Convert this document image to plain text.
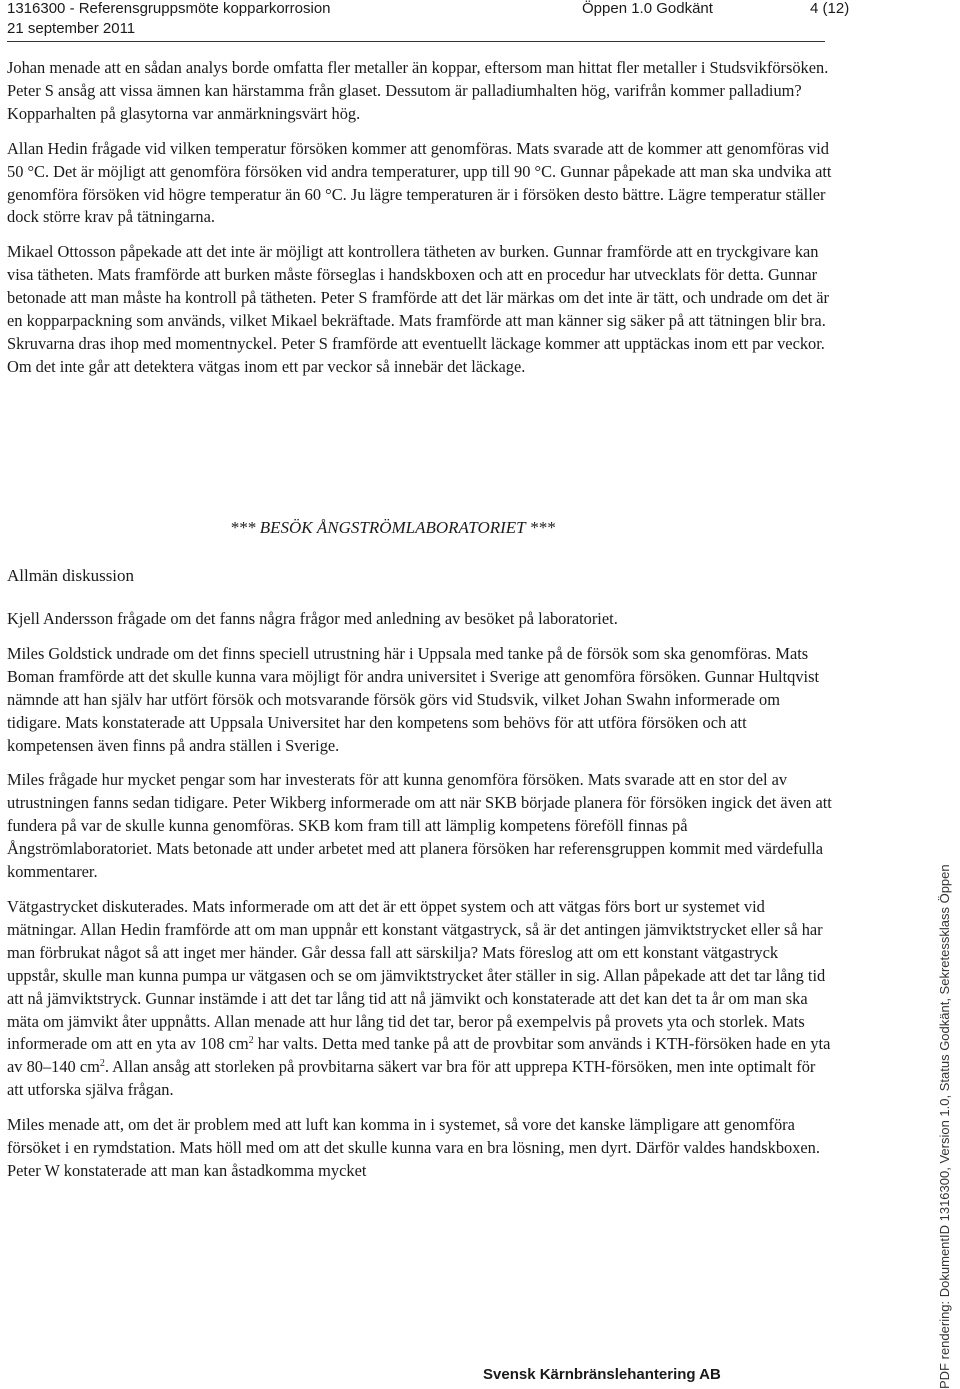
1316300 - Referensgruppsmöte kopparkorrosion
21 september 2011
Öppen 1.0 Godkänt	4 (12)

Johan menade att en sådan analys borde omfatta fler metaller än koppar, eftersom man hittat fler metaller i Studsvikförsöken. Peter S ansåg att vissa ämnen kan härstamma från glaset. Dessutom är palladiumhalten hög, varifrån kommer palladium? Kopparhalten på glasytorna var anmärkningsvärt hög.

Allan Hedin frågade vid vilken temperatur försöken kommer att genomföras. Mats svarade att de kommer att genomföras vid 50 °C. Det är möjligt att genomföra försöken vid andra temperaturer, upp till 90 °C. Gunnar påpekade att man ska undvika att genomföra försöken vid högre temperatur än 60 °C. Ju lägre temperaturen är i försöken desto bättre. Lägre temperatur ställer dock större krav på tätningarna.

Mikael Ottosson påpekade att det inte är möjligt att kontrollera tätheten av burken. Gunnar framförde att en tryckgivare kan visa tätheten. Mats framförde att burken måste förseglas i handskboxen och att en procedur har utvecklats för detta. Gunnar betonade att man måste ha kontroll på tätheten. Peter S framförde att det lär märkas om det inte är tätt, och undrade om det är en kopparpackning som används, vilket Mikael bekräftade. Mats framförde att man känner sig säker på att tätningen blir bra. Skruvarna dras ihop med momentnyckel. Peter S framförde att eventuellt läckage kommer att upptäckas inom ett par veckor. Om det inte går att detektera vätgas inom ett par veckor så innebär det läckage.

*** BESÖK ÅNGSTRÖMLABORATORIET ***
Allmän diskussion

Kjell Andersson frågade om det fanns några frågor med anledning av besöket på laboratoriet.

Miles Goldstick undrade om det finns speciell utrustning här i Uppsala med tanke på de försök som ska genomföras. Mats Boman framförde att det skulle kunna vara möjligt för andra universitet i Sverige att genomföra försöken. Gunnar Hultqvist nämnde att han själv har utfört försök och motsvarande försök görs vid Studsvik, vilket Johan Swahn informerade om tidigare. Mats konstaterade att Uppsala Universitet har den kompetens som behövs för att utföra försöken och att kompetensen även finns på andra ställen i Sverige.

Miles frågade hur mycket pengar som har investerats för att kunna genomföra försöken. Mats svarade att en stor del av utrustningen fanns sedan tidigare. Peter Wikberg informerade om att när SKB började planera för försöken ingick det även att fundera på var de skulle kunna genomföras. SKB kom fram till att lämplig kompetens föreföll finnas på Ångströmlaboratoriet. Mats betonade att under arbetet med att planera försöken har referensgruppen kommit med värdefulla kommentarer.

Vätgastrycket diskuterades. Mats informerade om att det är ett öppet system och att vätgas förs bort ur systemet vid mätningar. Allan Hedin framförde att om man uppnår ett konstant vätgastryck, så är det antingen jämviktstrycket eller så har man förbrukat något så att inget mer händer. Går dessa fall att särskilja? Mats föreslog att om ett konstant vätgastryck uppstår, skulle man kunna pumpa ur vätgasen och se om jämviktstrycket åter ställer in sig. Allan påpekade att det tar lång tid att nå jämviktstryck. Gunnar instämde i att det tar lång tid att nå jämvikt och konstaterade att det kan det ta år om man ska mäta om jämvikt åter uppnåtts. Allan menade att hur lång tid det tar, beror på exempelvis på provets yta och storlek. Mats informerade om att en yta av 108 $cm^2$ har valts. Detta med tanke på att de provbitar som används i KTH-försöken hade en yta av 80–140 $cm^2$. Allan ansåg att storleken på provbitarna säkert var bra för att upprepa KTH-försöken, men inte optimalt för att utforska själva frågan.

Miles menade att, om det är problem med att luft kan komma in i systemet, så vore det kanske lämpligare att genomföra försöket i en rymdstation. Mats höll med om att det skulle kunna vara en bra lösning, men dyrt. Därför valdes handskboxen. Peter W konstaterade att man kan åstadkomma mycket

Svensk Kärnbränslehantering AB	PDF rendering: DokumentID 1316300, Version 1.0, Status Godkänt, Sekretessklass Öppen
